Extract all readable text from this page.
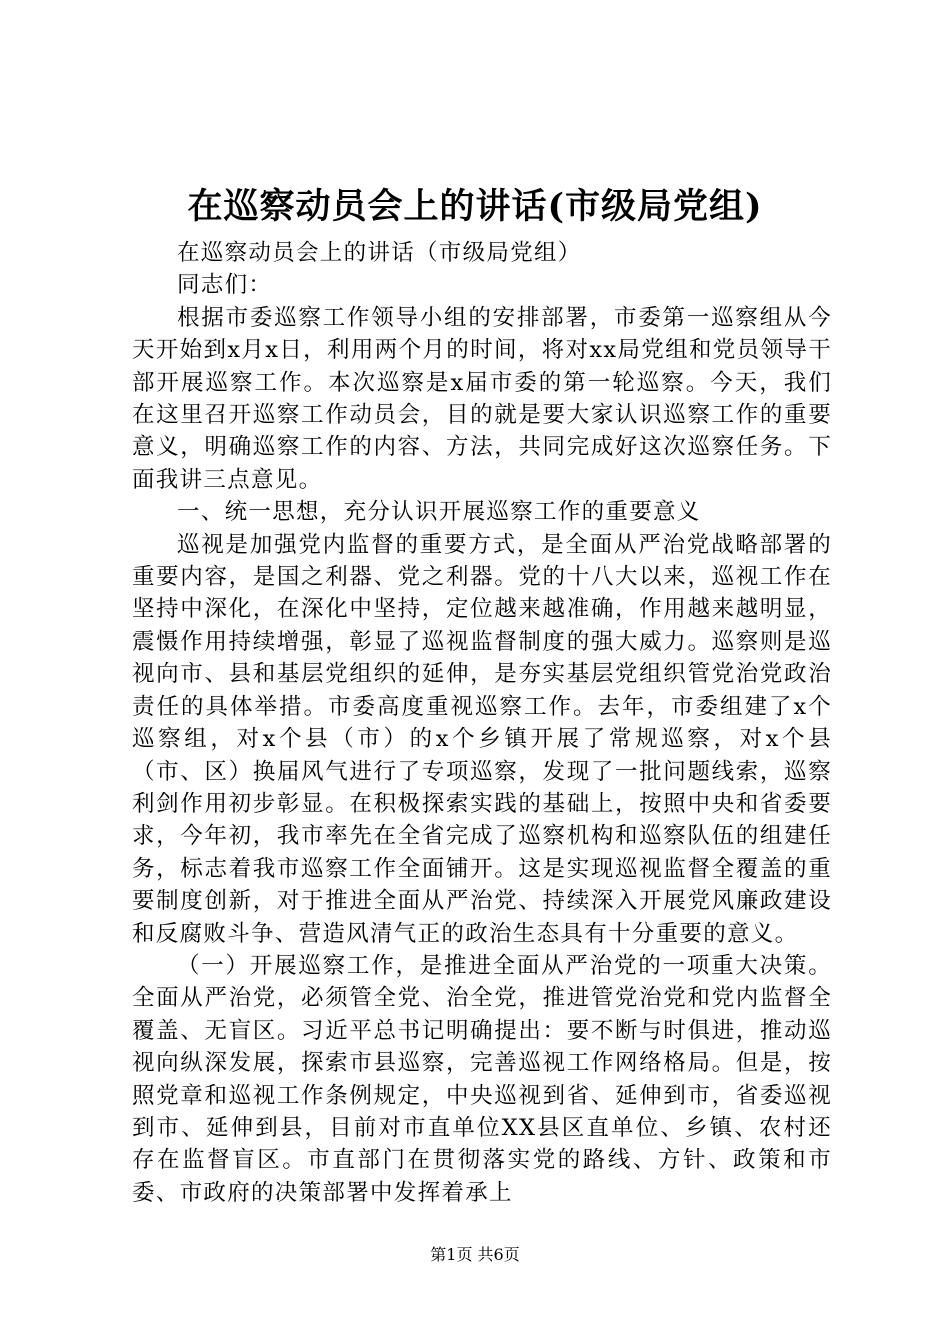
在巡察动员会上的讲话(市级局党组)

在巡察动员会上的讲话（市级局党组）

同志们：

根据市委巡察工作领导小组的安排部署，市委第一巡察组从今天开始到x月x日，利用两个月的时间，将对xx局党组和党员领导干部开展巡察工作。本次巡察是x届市委的第一轮巡察。今天，我们在这里召开巡察工作动员会，目的就是要大家认识巡察工作的重要意义，明确巡察工作的内容、方法，共同完成好这次巡察任务。下面我讲三点意见。

一、统一思想，充分认识开展巡察工作的重要意义

巡视是加强党内监督的重要方式，是全面从严治党战略部署的重要内容，是国之利器、党之利器。党的十八大以来，巡视工作在坚持中深化，在深化中坚持，定位越来越准确，作用越来越明显，震慑作用持续增强，彰显了巡视监督制度的强大威力。巡察则是巡视向市、县和基层党组织的延伸，是夯实基层党组织管党治党政治责任的具体举措。市委高度重视巡察工作。去年，市委组建了x个巡察组，对x个县（市）的x个乡镇开展了常规巡察，对x个县（市、区）换届风气进行了专项巡察，发现了一批问题线索，巡察利剑作用初步彰显。在积极探索实践的基础上，按照中央和省委要求，今年初，我市率先在全省完成了巡察机构和巡察队伍的组建任务，标志着我市巡察工作全面铺开。这是实现巡视监督全覆盖的重要制度创新，对于推进全面从严治党、持续深入开展党风廉政建设和反腐败斗争、营造风清气正的政治生态具有十分重要的意义。

（一）开展巡察工作，是推进全面从严治党的一项重大决策。全面从严治党，必须管全党、治全党，推进管党治党和党内监督全覆盖、无盲区。习近平总书记明确提出：要不断与时俱进，推动巡视向纵深发展，探索市县巡察，完善巡视工作网络格局。但是，按照党章和巡视工作条例规定，中央巡视到省、延伸到市，省委巡视到市、延伸到县，目前对市直单位XX县区直单位、乡镇、农村还存在监督盲区。市直部门在贯彻落实党的路线、方针、政策和市委、市政府的决策部署中发挥着承上

第1页 共6页
